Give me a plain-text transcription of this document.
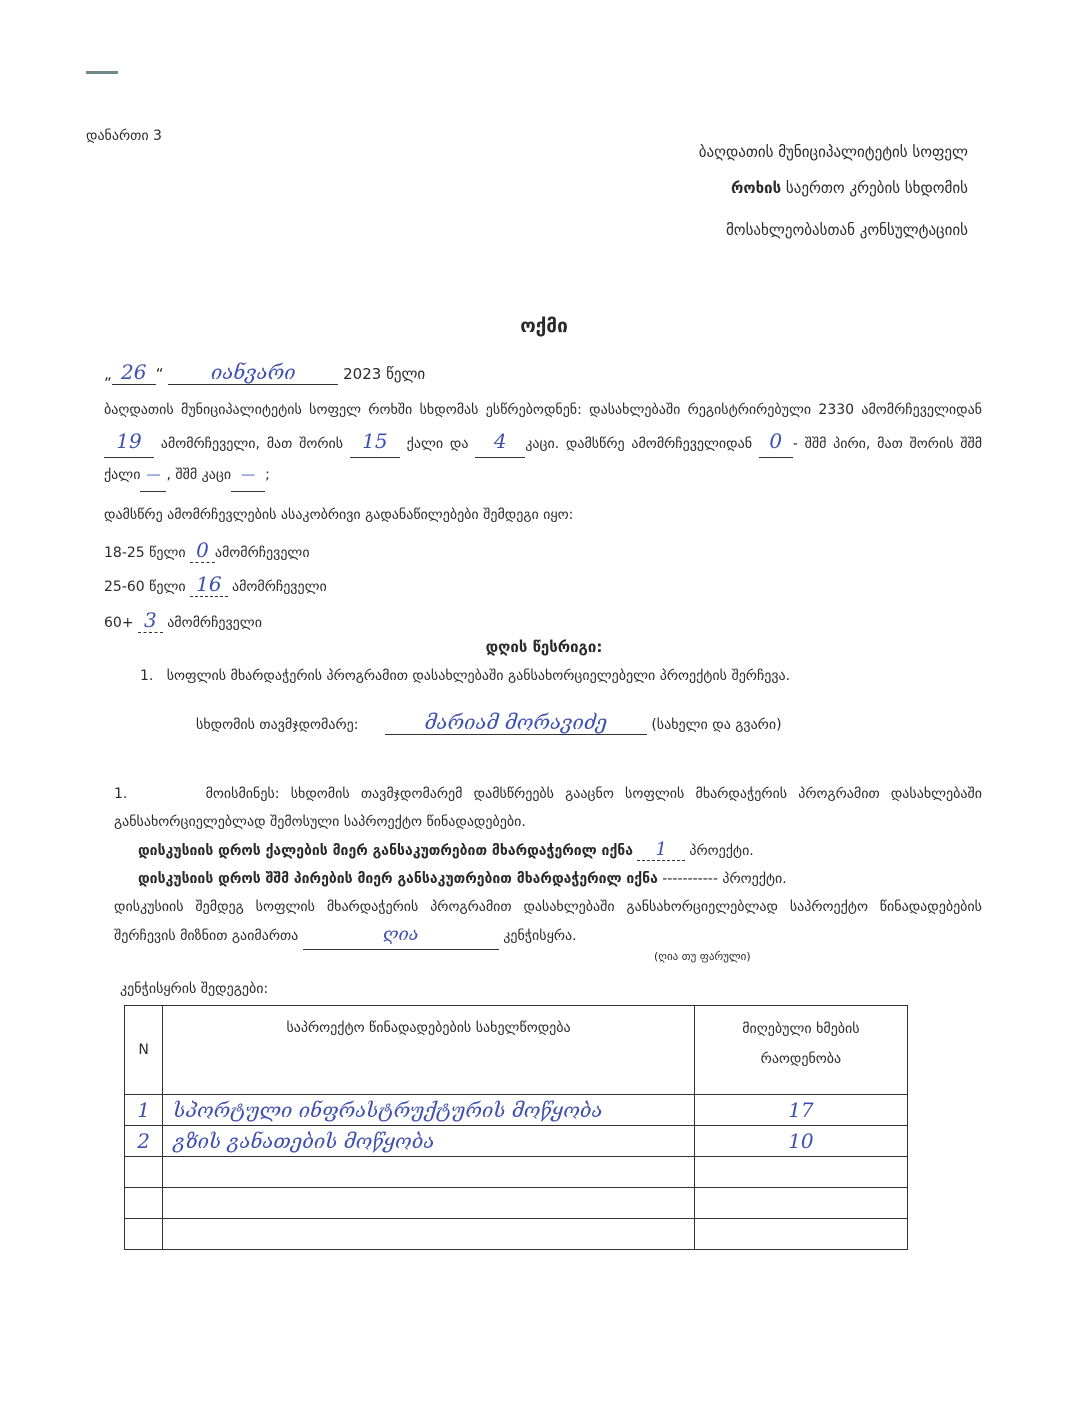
დანართი 3
ბაღდათის მუნიციპალიტეტის სოფელ
როხის საერთო კრების სხდომის
მოსახლეობასთან კონსულტაციის
ოქმი
„ 26 “ იანვარი	2023 წელი
ბაღდათის მუნიციპალიტეტის სოფელ როხში სხდომას ესწრებოდნენ: დასახლებაში რეგისტრირებული 2330 ამომრჩეველიდან 19 ამომრჩეველი, მათ შორის 15 ქალი და 4 კაცი. დამსწრე ამომრჩეველიდან 0 - შშმ პირი, მათ შორის შშმ ქალი — , შშმ კაცი — ;
დამსწრე ამომრჩევლების ასაკობრივი გადანაწილებები შემდეგი იყო:
18-25 წელი 0 ამომრჩეველი
25-60 წელი 16 ამომრჩეველი
60+ 3 ამომრჩეველი
დღის წესრიგი:
1. სოფლის მხარდაჭერის პროგრამით დასახლებაში განსახორციელებელი პროექტის შერჩევა.
სხდომის თავმჯდომარე:	მარიამ მორავიძე	(სახელი და გვარი)
1.	მოისმინეს: სხდომის თავმჯდომარემ დამსწრეებს გააცნო სოფლის მხარდაჭერის პროგრამით დასახლებაში განსახორციელებლად შემოსული საპროექტო წინადადებები.
დისკუსიის დროს ქალების მიერ განსაკუთრებით მხარდაჭერილ იქნა 1 პროექტი.
დისკუსიის დროს შშმ პირების მიერ განსაკუთრებით მხარდაჭერილ იქნა ----------- პროექტი.
დისკუსიის შემდეგ სოფლის მხარდაჭერის პროგრამით დასახლებაში განსახორციელებლად საპროექტო წინადადებების შერჩევის მიზნით გაიმართა	ღია	კენჭისყრა.
(ღია თუ ფარული)
კენჭისყრის შედეგები:
N	საპროექტო წინადადებების სახელწოდება	მიღებული ხმების რაოდენობა
1	სპორტული ინფრასტრუქტურის მოწყობა	17
2	გზის განათების მოწყობა	10
